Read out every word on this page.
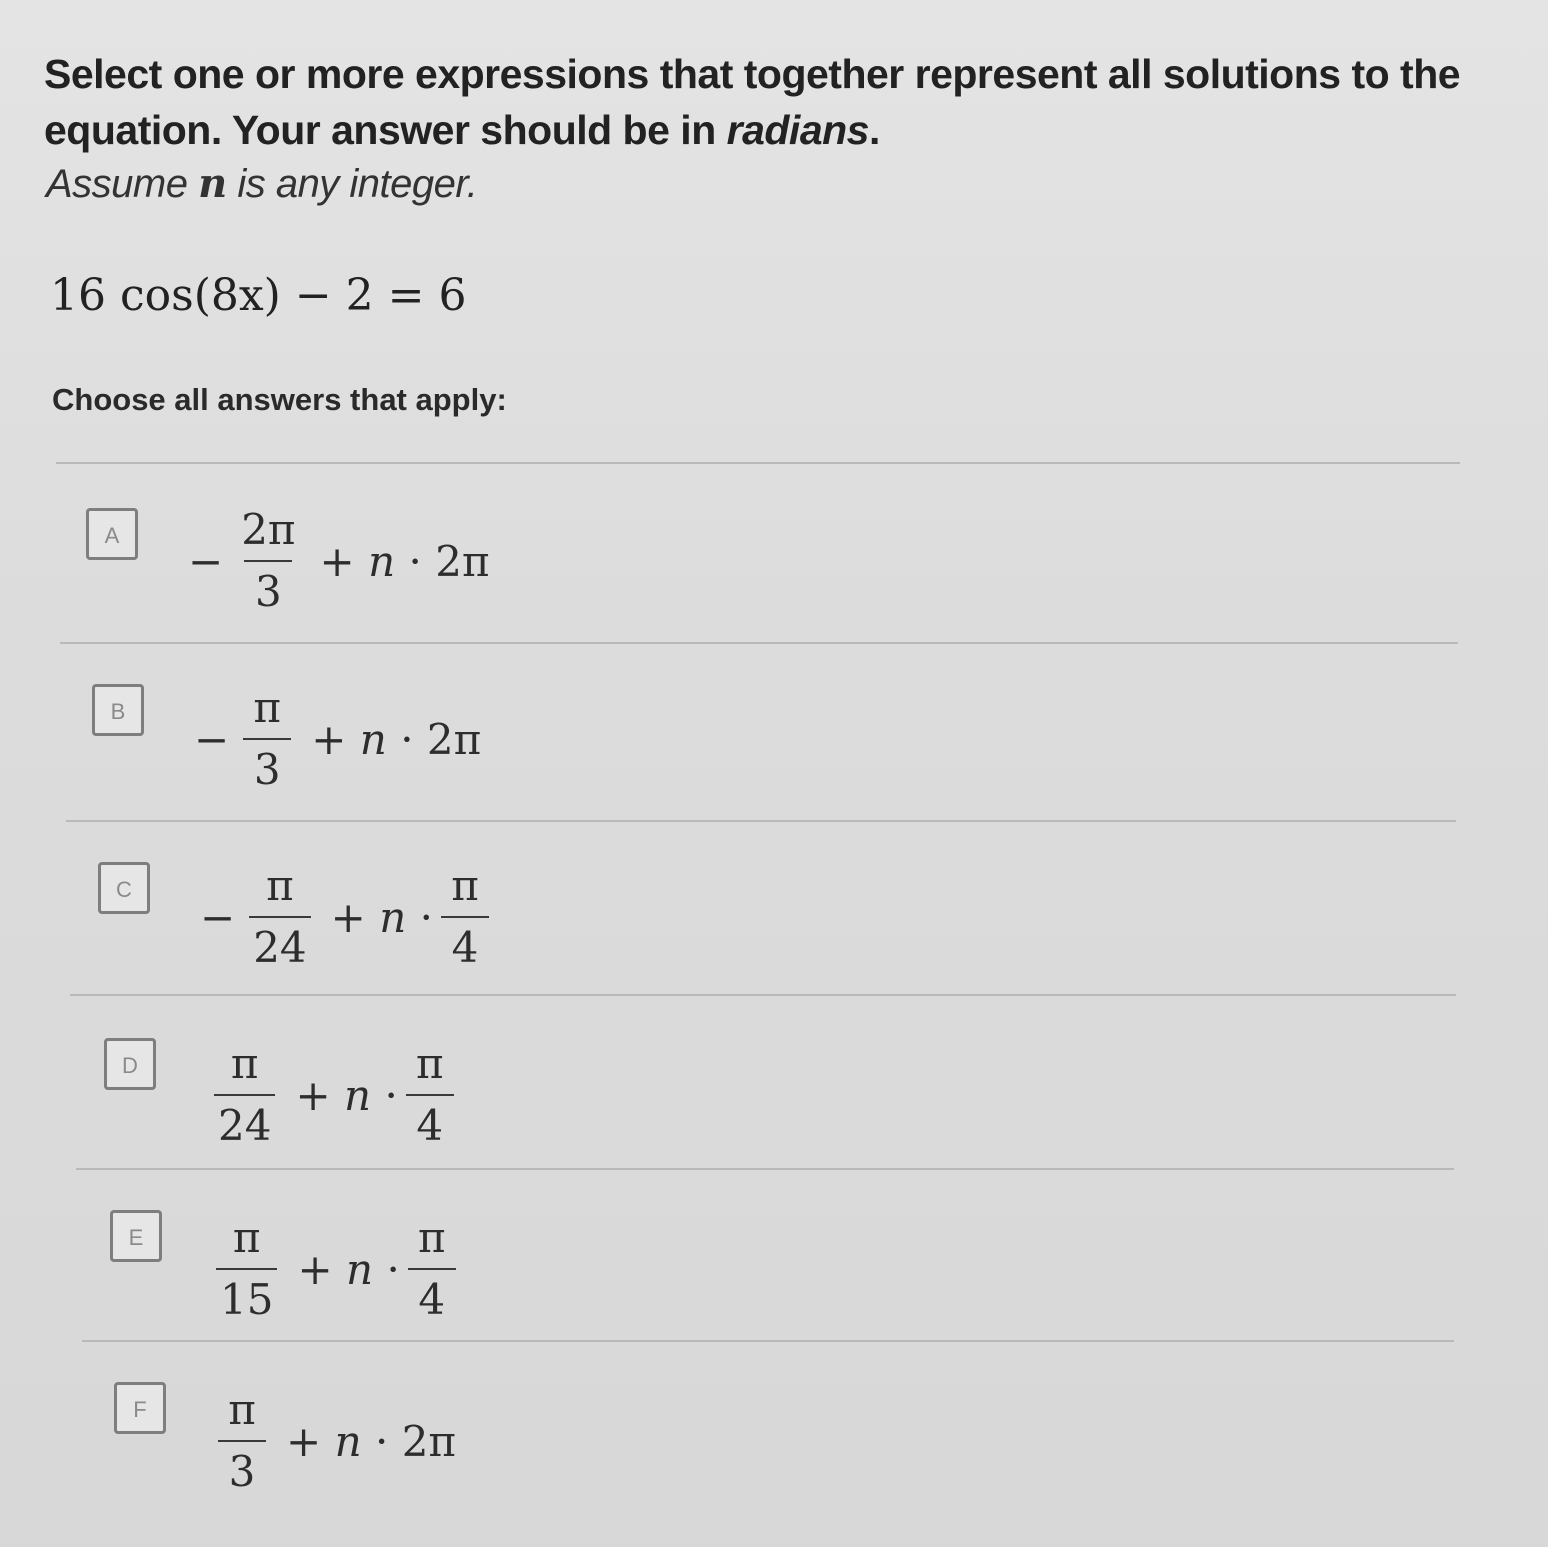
Select one or more expressions that together represent all solutions to the equation. Your answer should be in radians.
Assume n is any integer.
16 cos(8x) − 2 = 6
Choose all answers that apply:
A
− $\frac{2\pi}{3} + n \cdot 2\pi$
B
− $\frac{\pi}{3} + n \cdot 2\pi$
C
− $\frac{\pi}{24} + n \cdot \frac{\pi}{4}$
D	$\frac{\pi}{24} + n \cdot \frac{\pi}{4}$
E	$\frac{\pi}{15} + n \cdot \frac{\pi}{4}$
F	$\frac{\pi}{3} + n \cdot 2\pi$
